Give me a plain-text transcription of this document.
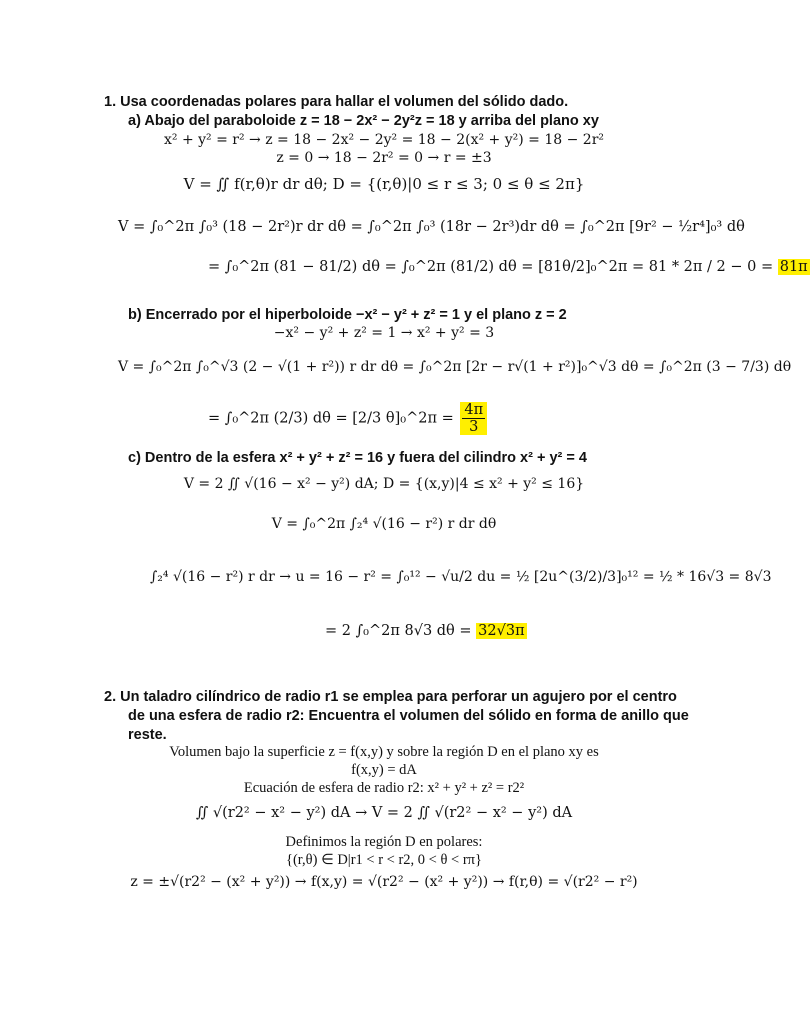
1. Usa coordenadas polares para hallar el volumen del sólido dado.
a) Abajo del paraboloide z = 18 − 2x² − 2y²z = 18 y arriba del plano xy
x² + y² = r² → z = 18 − 2x² − 2y² = 18 − 2(x² + y²) = 18 − 2r²
z = 0 → 18 − 2r² = 0 → r = ±3
V = ∬ f(r,θ)r dr dθ; D = {(r,θ)|0 ≤ r ≤ 3; 0 ≤ θ ≤ 2π}
V = ∫₀^2π ∫₀³ (18 − 2r²)r dr dθ = ∫₀^2π ∫₀³ (18r − 2r³)dr dθ = ∫₀^2π [9r² − ½r⁴]₀³ dθ
= ∫₀^2π (81 − 81/2) dθ = ∫₀^2π (81/2) dθ = [81θ/2]₀^2π = 81 * 2π / 2 − 0 = 81π
b) Encerrado por el hiperboloide −x² − y² + z² = 1 y el plano z = 2
−x² − y² + z² = 1 → x² + y² = 3
V = ∫₀^2π ∫₀^√3 (2 − √(1 + r²)) r dr dθ = ∫₀^2π [2r − r√(1 + r²)]₀^√3 dθ = ∫₀^2π (3 − 7/3) dθ
= ∫₀^2π (2/3) dθ = [2/3 θ]₀^2π = $\frac{4\pi}{3}$
c) Dentro de la esfera x² + y² + z² = 16 y fuera del cilindro x² + y² = 4
V = 2 ∬ √(16 − x² − y²) dA; D = {(x,y)|4 ≤ x² + y² ≤ 16}
V = ∫₀^2π ∫₂⁴ √(16 − r²) r dr dθ
∫₂⁴ √(16 − r²) r dr → u = 16 − r² = ∫₀¹² − √u/2 du = ½ [2u^(3/2)/3]₀¹² = ½ * 16√3 = 8√3
= 2 ∫₀^2π 8√3 dθ = 32√3π
2. Un taladro cilíndrico de radio r1 se emplea para perforar un agujero por el centro
de una esfera de radio r2: Encuentra el volumen del sólido en forma de anillo que
reste.
Volumen bajo la superficie z = f(x,y) y sobre la región D en el plano xy es
f(x,y) = dA
Ecuación de esfera de radio r2: x² + y² + z² = r2²
∬ √(r2² − x² − y²) dA → V = 2 ∬ √(r2² − x² − y²) dA
Definimos la región D en polares:
{(r,θ) ∈ D|r1 < r < r2, 0 < θ < rπ}
z = ±√(r2² − (x² + y²)) → f(x,y) = √(r2² − (x² + y²)) → f(r,θ) = √(r2² − r²)
